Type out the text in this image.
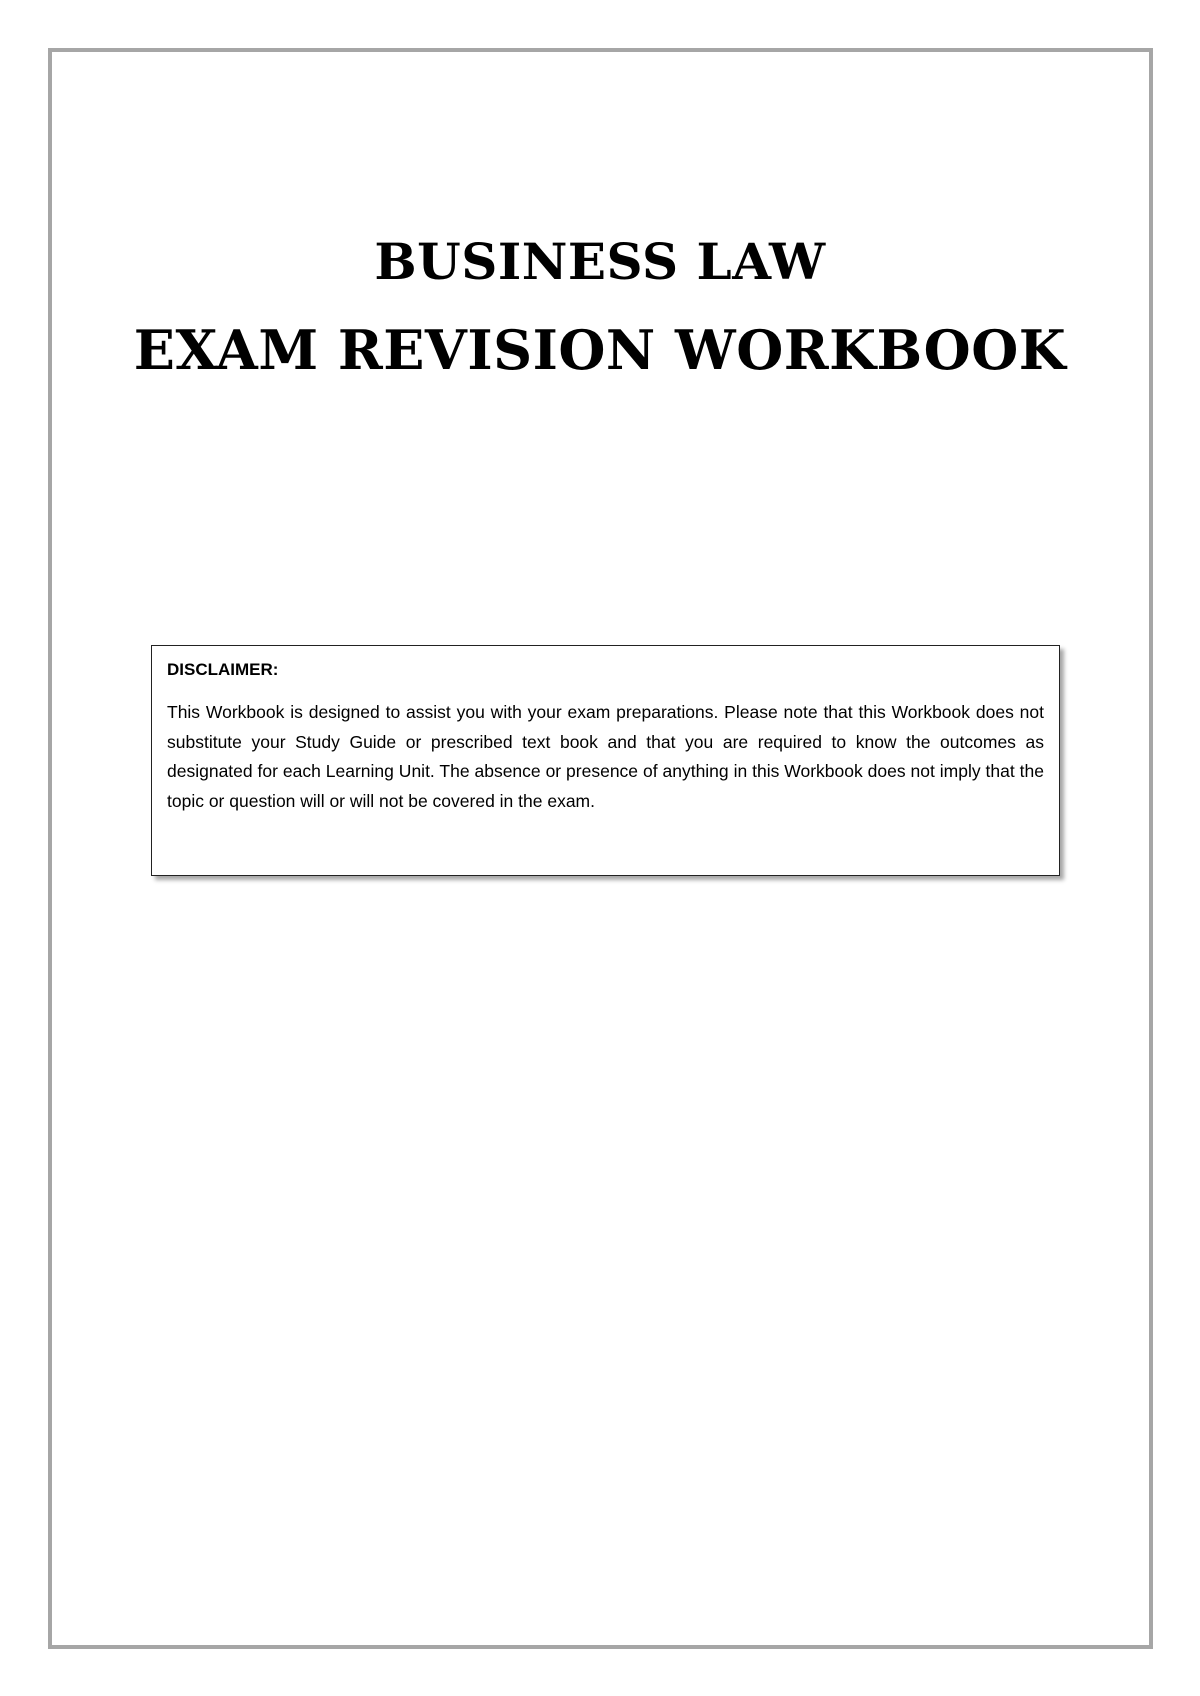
BUSINESS LAW
EXAM REVISION WORKBOOK

DISCLAIMER:

This Workbook is designed to assist you with your exam preparations. Please note that this Workbook does not substitute your Study Guide or prescribed text book and that you are required to know the outcomes as designated for each Learning Unit. The absence or presence of anything in this Workbook does not imply that the topic or question will or will not be covered in the exam.
